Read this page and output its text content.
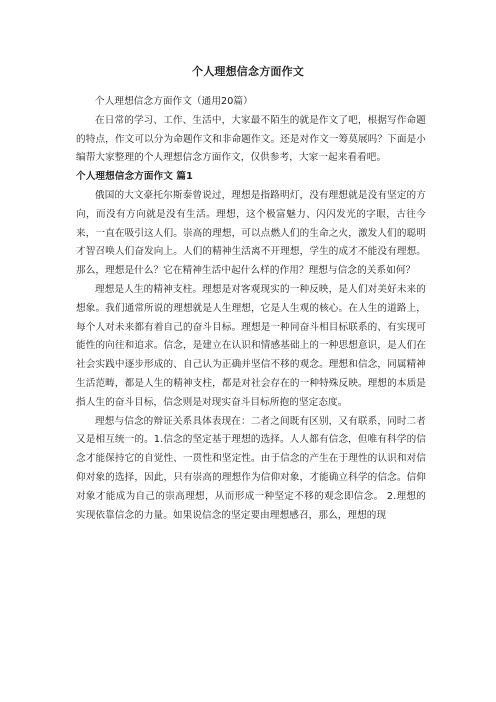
个人理想信念方面作文

个人理想信念方面作文（通用20篇）

在日常的学习、工作、生活中，大家最不陌生的就是作文了吧，根据写作命题的特点，作文可以分为命题作文和非命题作文。还是对作文一筹莫展吗？下面是小编帮大家整理的个人理想信念方面作文，仅供参考，大家一起来看看吧。

个人理想信念方面作文 篇1

俄国的大文豪托尔斯泰曾说过，理想是指路明灯，没有理想就是没有坚定的方向，而没有方向就是没有生活。理想，这个极富魅力、闪闪发光的字眼，古往今来，一直在吸引这人们。崇高的理想，可以点燃人们的生命之火，激发人们的聪明才智召唤人们奋发向上。人们的精神生活离不开理想，学生的成才不能没有理想。那么，理想是什么？它在精神生活中起什么样的作用？理想与信念的关系如何？

理想是人生的精神支柱。理想是对客观现实的一种反映，是人们对美好未来的想象。我们通常所说的理想就是人生理想，它是人生观的核心。在人生的道路上，每个人对未来都有着自己的奋斗目标。理想是一种同奋斗相目标联系的、有实现可能性的向往和追求。信念，是建立在认识和情感基础上的一种思想意识，是人们在社会实践中逐步形成的、自己认为正确并坚信不移的观念。理想和信念，同属精神生活范畴，都是人生的精神支柱，都是对社会存在的一种特殊反映。理想的本质是指人生的奋斗目标，信念则是对现实奋斗目标所抱的坚定态度。

理想与信念的辩证关系具体表现在：二者之间既有区别，又有联系，同时二者又是相互统一的。1.信念的坚定基于理想的选择。人人都有信念，但唯有科学的信念才能保持它的自觉性、一贯性和坚定性。由于信念的产生在于理性的认识和对信仰对象的选择，因此，只有崇高的理想作为信仰对象，才能确立科学的信念。信仰对象才能成为自己的崇高理想，从而形成一种坚定不移的观念即信念。 2.理想的实现依靠信念的力量。如果说信念的坚定要由理想感召，那么，理想的现
